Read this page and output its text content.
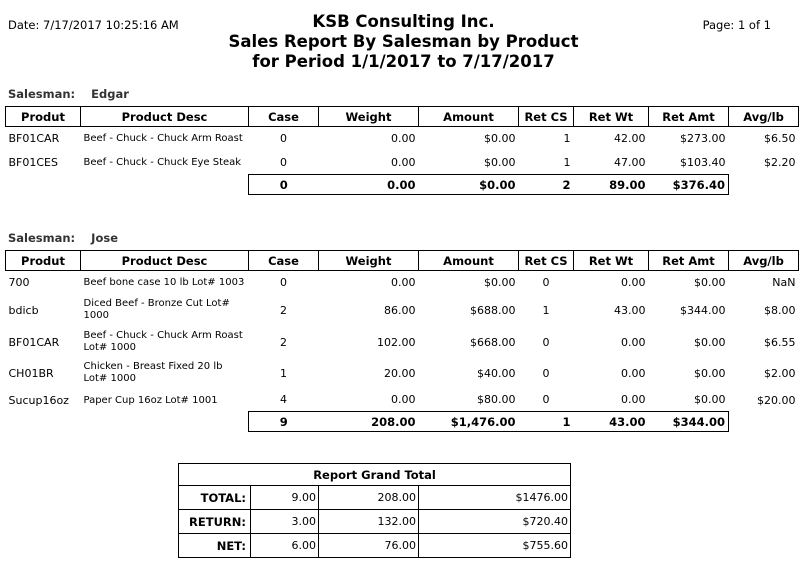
Date: 7/17/2017 10:25:16 AM	Page: 1 of 1
KSB Consulting Inc.
Sales Report By Salesman by Product
for Period 1/1/2017 to 7/17/2017
Salesman: Edgar
Produt	Product Desc	Case	Weight	Amount	Ret CS	Ret Wt	Ret Amt	Avg/lb
BF01CAR	Beef - Chuck - Chuck Arm Roast	0	0.00	$0.00	1	42.00	$273.00	$6.50
BF01CES	Beef - Chuck - Chuck Eye Steak	0	0.00	$0.00	1	47.00	$103.40	$2.20
		0	0.00	$0.00	2	89.00	$376.40	
Salesman: Jose
Produt	Product Desc	Case	Weight	Amount	Ret CS	Ret Wt	Ret Amt	Avg/lb
700	Beef bone case 10 lb Lot# 1003	0	0.00	$0.00	0	0.00	$0.00	NaN
bdicb	Diced Beef - Bronze Cut Lot# 1000	2	86.00	$688.00	1	43.00	$344.00	$8.00
BF01CAR	Beef - Chuck - Chuck Arm Roast Lot# 1000	2	102.00	$668.00	0	0.00	$0.00	$6.55
CH01BR	Chicken - Breast Fixed 20 lb Lot# 1000	1	20.00	$40.00	0	0.00	$0.00	$2.00
Sucup16oz	Paper Cup 16oz Lot# 1001	4	0.00	$80.00	0	0.00	$0.00	$20.00
		9	208.00	$1,476.00	1	43.00	$344.00	
Report Grand Total			
TOTAL:	9.00	208.00	$1476.00
RETURN:	3.00	132.00	$720.40
NET:	6.00	76.00	$755.60
